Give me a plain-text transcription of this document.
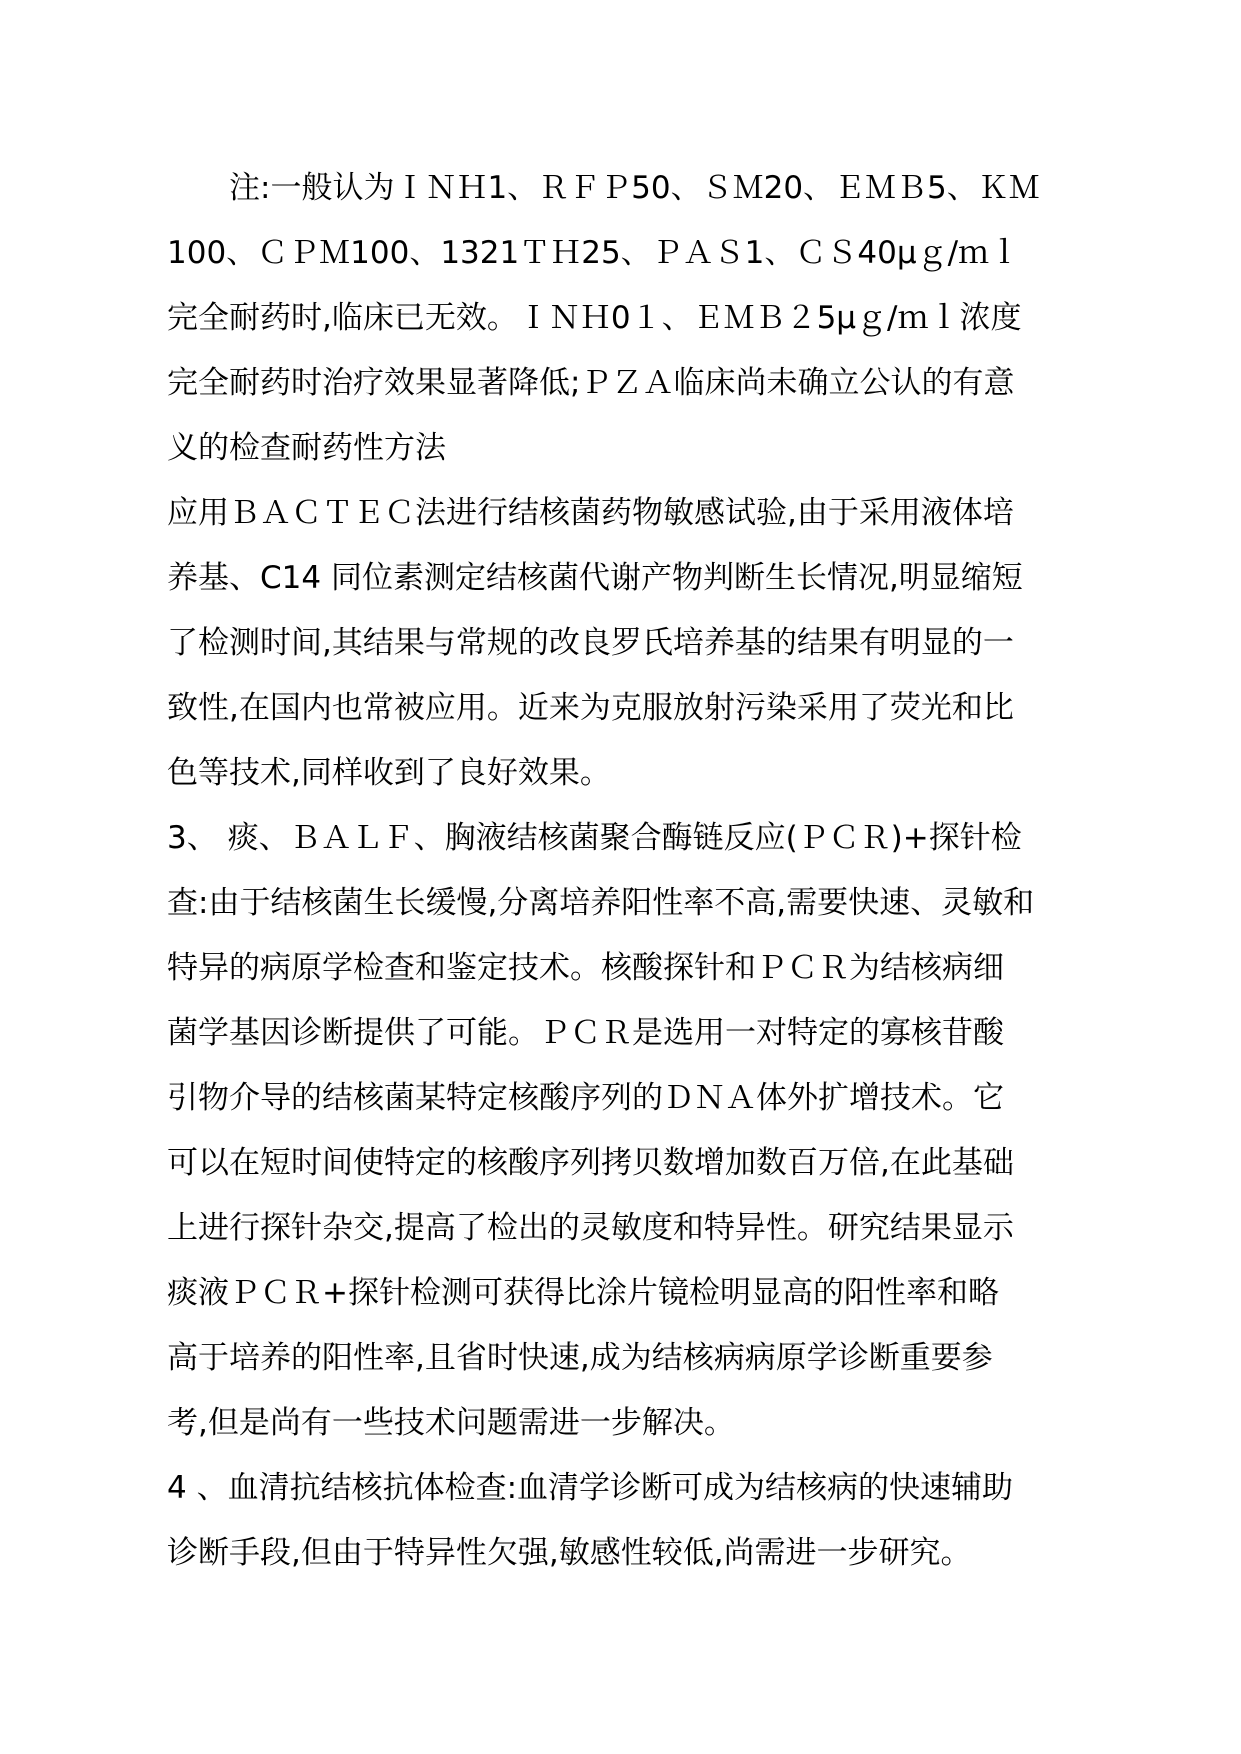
注:一般认为ＩＮＨ1、ＲＦＰ50、ＳＭ20、ＥＭＢ5、ＫＭ
100、ＣＰＭ100、1321ＴＨ25、ＰＡＳ1、ＣＳ40μｇ/ｍｌ
完全耐药时,临床已无效。ＩＮＨ0１、ＥＭＢ２5μｇ/ｍｌ浓度
完全耐药时治疗效果显著降低;ＰＺＡ临床尚未确立公认的有意
义的检查耐药性方法
应用ＢＡＣＴＥＣ法进行结核菌药物敏感试验,由于采用液体培
养基、C14 同位素测定结核菌代谢产物判断生长情况,明显缩短
了检测时间,其结果与常规的改良罗氏培养基的结果有明显的一
致性,在国内也常被应用。近来为克服放射污染采用了荧光和比
色等技术,同样收到了良好效果。
3、 痰、ＢＡＬＦ、胸液结核菌聚合酶链反应(ＰＣＲ)+探针检
查:由于结核菌生长缓慢,分离培养阳性率不高,需要快速、灵敏和
特异的病原学检查和鉴定技术。核酸探针和ＰＣＲ为结核病细
菌学基因诊断提供了可能。ＰＣＲ是选用一对特定的寡核苷酸
引物介导的结核菌某特定核酸序列的ＤＮＡ体外扩增技术。它
可以在短时间使特定的核酸序列拷贝数增加数百万倍,在此基础
上进行探针杂交,提高了检出的灵敏度和特异性。研究结果显示
痰液ＰＣＲ+探针检测可获得比涂片镜检明显高的阳性率和略
高于培养的阳性率,且省时快速,成为结核病病原学诊断重要参
考,但是尚有一些技术问题需进一步解决。
4 、血清抗结核抗体检查:血清学诊断可成为结核病的快速辅助
诊断手段,但由于特异性欠强,敏感性较低,尚需进一步研究。
